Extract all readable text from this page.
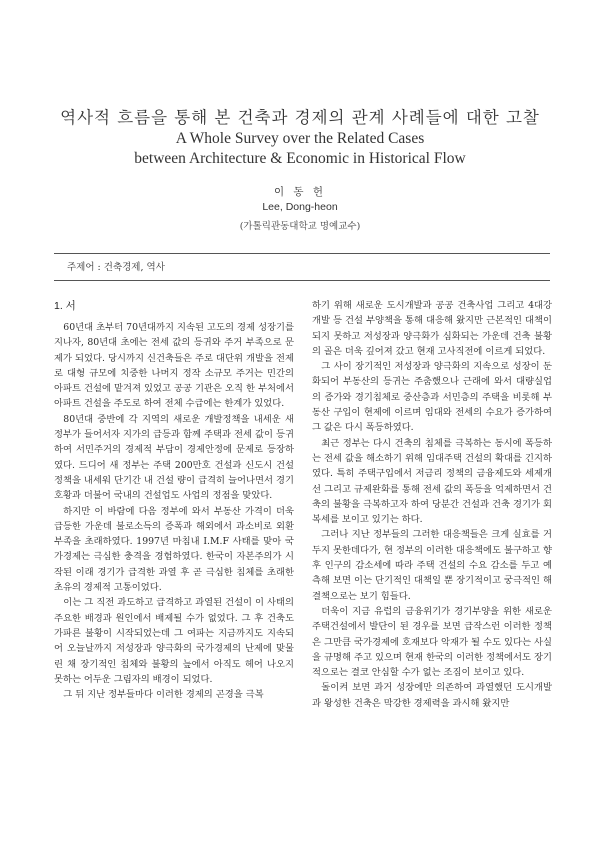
역사적 흐름을 통해 본 건축과 경제의 관계 사례들에 대한 고찰
A Whole Survey over the Related Cases
between Architecture & Economic in Historical Flow
이 동 헌
Lee, Dong-heon
(가톨릭관동대학교 명예교수)
주제어 : 건축경제, 역사
1. 서

60년대 초부터 70년대까지 지속된 고도의 경제 성장기를 지나자, 80년대 초에는 전세 값의 등귀와 주거 부족으로 문제가 되었다. 당시까지 신건축들은 주로 대단위 개발을 전제로 대형 규모에 치중한 나머지 정작 소규모 주거는 민간의 아파트 건설에 맡겨져 있었고 공공 기관은 오직 한 부처에서 아파트 건설을 주도로 하여 전체 수급에는 한계가 있었다.

80년대 중반에 각 지역의 새로운 개발정책을 내세운 새 정부가 들어서자 지가의 급등과 함께 주택과 전세 값이 등귀하여 서민주거의 경제적 부담이 경제안정에 문제로 등장하였다. 드디어 새 정부는 주택 200만호 건설과 신도시 건설정책을 내세워 단기간 내 건설 량이 급격히 늘어나면서 경기호황과 더불어 국내의 건설업도 사업의 정점을 맞았다.

하지만 이 바람에 다음 정부에 와서 부동산 가격이 더욱 급등한 가운데 불로소득의 증폭과 해외에서 과소비로 외환부족을 초래하였다. 1997년 마침내 I.M.F 사태를 맞아 국가경제는 극심한 충격을 경험하였다. 한국이 자본주의가 시작된 이래 경기가 급격한 과열 후 곧 극심한 침체를 초래한 초유의 경제적 고통이었다.

이는 그 직전 과도하고 급격하고 과열된 건설이 이 사태의 주요한 배경과 원인에서 배제될 수가 없었다. 그 후 건축도 가파른 불황이 시작되었는데 그 여파는 지금까지도 지속되어 오늘날까지 저성장과 양극화의 국가경제의 난제에 맞물린 채 장기적인 침체와 불황의 늪에서 아직도 헤어 나오지 못하는 어두운 그림자의 배경이 되었다.

그 뒤 지난 정부들마다 이러한 경제의 곤경을 극복

하기 위해 새로운 도시개발과 공공 건축사업 그리고 4대강 개발 등 건설 부양책을 통해 대응해 왔지만 근본적인 대책이 되지 못하고 저성장과 양극화가 심화되는 가운데 건축 불황의 골은 더욱 깊어져 갔고 현재 고사직전에 이르게 되었다.

그 사이 장기적인 저성장과 양극화의 지속으로 성장이 둔화되어 부동산의 등귀는 주춤했으나 근래에 와서 대량실업의 증가와 경기침체로 중산층과 서민층의 주택을 비롯해 부동산 구입이 현제에 이르며 임대와 전세의 수요가 증가하여 그 값은 다시 폭등하였다.

최근 정부는 다시 건축의 침체를 극복하는 동시에 폭등하는 전세 값을 해소하기 위해 임대주택 건설의 확대를 긴지하였다. 특히 주택구입에서 저금리 정책의 금융제도와 세제개선 그리고 규제완화를 통해 전세 값의 폭등을 억제하면서 건축의 불황을 극복하고자 하여 당분간 건설과 건축 경기가 회복세를 보이고 있기는 하다.

그러나 지난 정부들의 그러한 대응책들은 크게 실효를 거두지 못한데다가, 현 정부의 이러한 대응책에도 불구하고 향후 인구의 감소세에 따라 주택 건설의 수요 감소를 두고 예측해 보면 이는 단기적인 대책일 뿐 장기적이고 궁극적인 해결책으로는 보기 힘들다.

더욱이 지금 유럽의 금융위기가 경기부양을 위한 새로운 주택건설에서 발단이 된 경우를 보면 급작스런 이러한 정책은 그만큼 국가경제에 호재보다 악재가 될 수도 있다는 사실을 규명해 주고 있으며 현재 한국의 이러한 정책에서도 장기적으로는 결코 안심할 수가 없는 조짐이 보이고 있다.

돌이켜 보면 과거 성장에만 의존하여 과열했던 도시개발과 왕성한 건축은 막강한 경제력을 과시해 왔지만
